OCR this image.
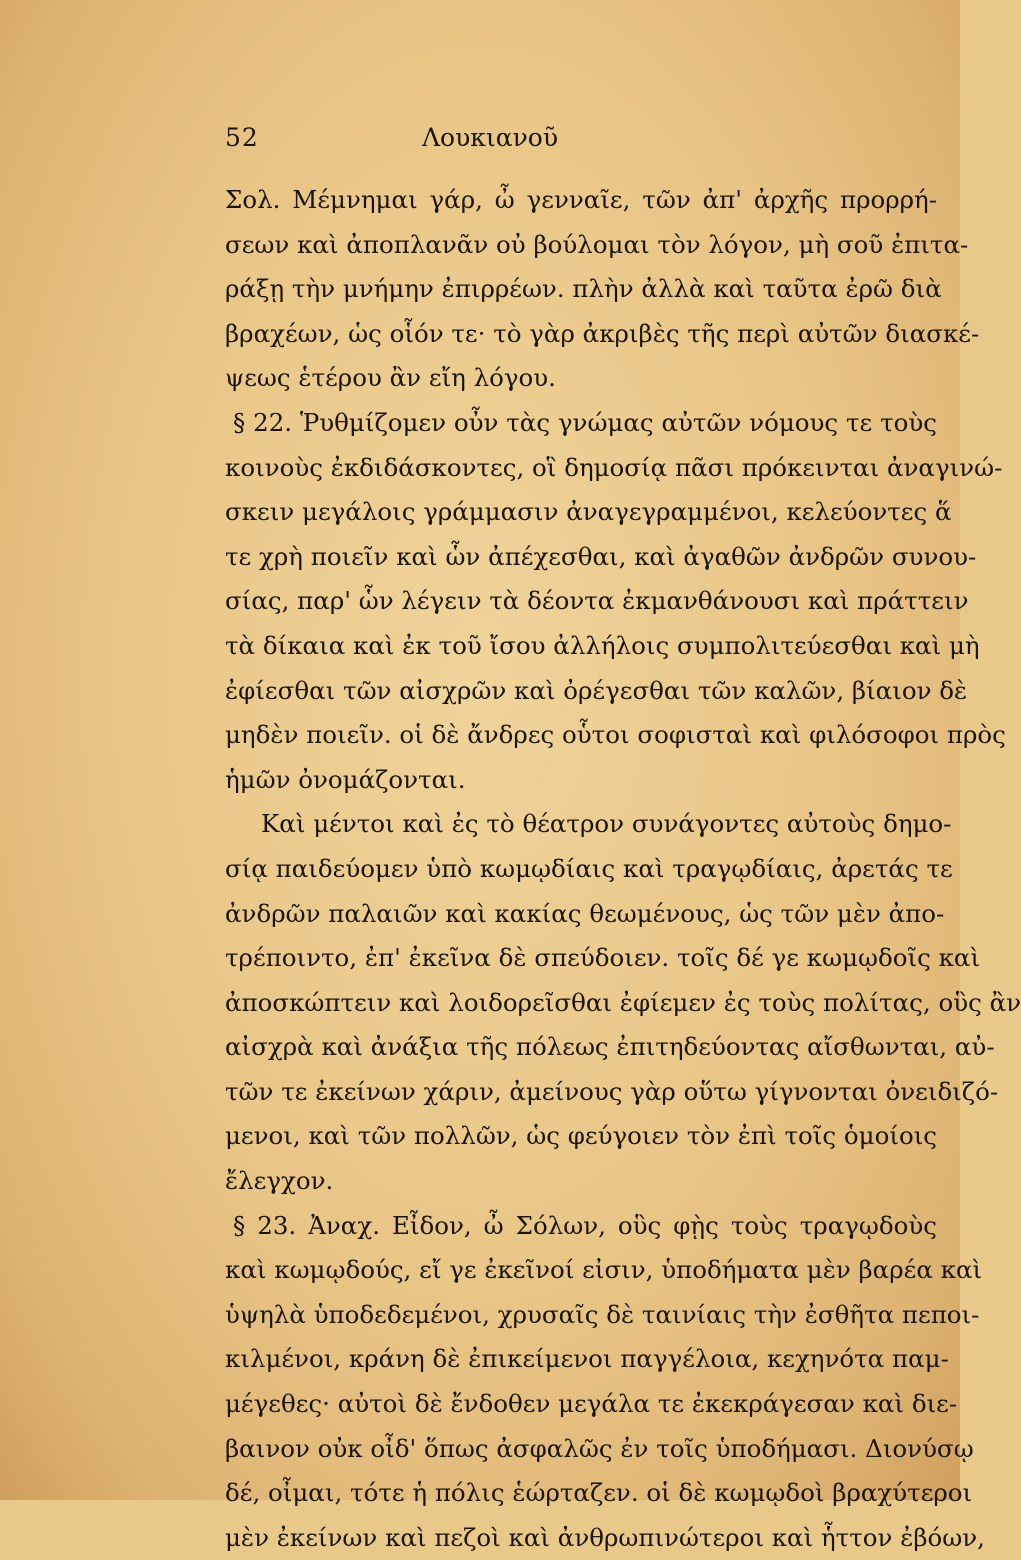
52	Λουκιανοῦ
Σολ. Μέμνημαι γάρ, ὦ γενναῖε, τῶν ἀπ' ἀρχῆς προρρή-
σεων καὶ ἀποπλανᾶν οὐ βούλομαι τὸν λόγον, μὴ σοῦ ἐπιτα-
ράξῃ τὴν μνήμην ἐπιρρέων. πλὴν ἀλλὰ καὶ ταῦτα ἐρῶ διὰ
βραχέων, ὡς οἷόν τε· τὸ γὰρ ἀκριβὲς τῆς περὶ αὐτῶν διασκέ-
ψεως ἑτέρου ἂν εἴη λόγου.
§ 22. Ῥυθμίζομεν οὖν τὰς γνώμας αὐτῶν νόμους τε τοὺς
κοινοὺς ἐκδιδάσκοντες, οἳ δημοσίᾳ πᾶσι πρόκεινται ἀναγινώ-
σκειν μεγάλοις γράμμασιν ἀναγεγραμμένοι, κελεύοντες ἅ
τε χρὴ ποιεῖν καὶ ὧν ἀπέχεσθαι, καὶ ἀγαθῶν ἀνδρῶν συνου-
σίας, παρ' ὧν λέγειν τὰ δέοντα ἐκμανθάνουσι καὶ πράττειν
τὰ δίκαια καὶ ἐκ τοῦ ἴσου ἀλλήλοις συμπολιτεύεσθαι καὶ μὴ
ἐφίεσθαι τῶν αἰσχρῶν καὶ ὀρέγεσθαι τῶν καλῶν, βίαιον δὲ
μηδὲν ποιεῖν. οἱ δὲ ἄνδρες οὗτοι σοφισταὶ καὶ φιλόσοφοι πρὸς
ἡμῶν ὀνομάζονται.
Καὶ μέντοι καὶ ἐς τὸ θέατρον συνάγοντες αὐτοὺς δημο-
σίᾳ παιδεύομεν ὑπὸ κωμῳδίαις καὶ τραγῳδίαις, ἀρετάς τε
ἀνδρῶν παλαιῶν καὶ κακίας θεωμένους, ὡς τῶν μὲν ἀπο-
τρέποιντο, ἐπ' ἐκεῖνα δὲ σπεύδοιεν. τοῖς δέ γε κωμῳδοῖς καὶ
ἀποσκώπτειν καὶ λοιδορεῖσθαι ἐφίεμεν ἐς τοὺς πολίτας, οὓς ἂν
αἰσχρὰ καὶ ἀνάξια τῆς πόλεως ἐπιτηδεύοντας αἴσθωνται, αὐ-
τῶν τε ἐκείνων χάριν, ἀμείνους γὰρ οὕτω γίγνονται ὀνειδιζό-
μενοι, καὶ τῶν πολλῶν, ὡς φεύγοιεν τὸν ἐπὶ τοῖς ὁμοίοις
ἔλεγχον.
§ 23. Ἀναχ. Εἶδον, ὦ Σόλων, οὓς φῂς τοὺς τραγῳδοὺς
καὶ κωμῳδούς, εἴ γε ἐκεῖνοί εἰσιν, ὑποδήματα μὲν βαρέα καὶ
ὑψηλὰ ὑποδεδεμένοι, χρυσαῖς δὲ ταινίαις τὴν ἐσθῆτα πεποι-
κιλμένοι, κράνη δὲ ἐπικείμενοι παγγέλοια, κεχηνότα παμ-
μέγεθες· αὐτοὶ δὲ ἔνδοθεν μεγάλα τε ἐκεκράγεσαν καὶ διε-
βαινον οὐκ οἶδ' ὅπως ἀσφαλῶς ἐν τοῖς ὑποδήμασι. Διονύσῳ
δέ, οἶμαι, τότε ἡ πόλις ἑώρταζεν. οἱ δὲ κωμῳδοὶ βραχύτεροι
μὲν ἐκείνων καὶ πεζοὶ καὶ ἀνθρωπινώτεροι καὶ ἧττον ἐβόων,
